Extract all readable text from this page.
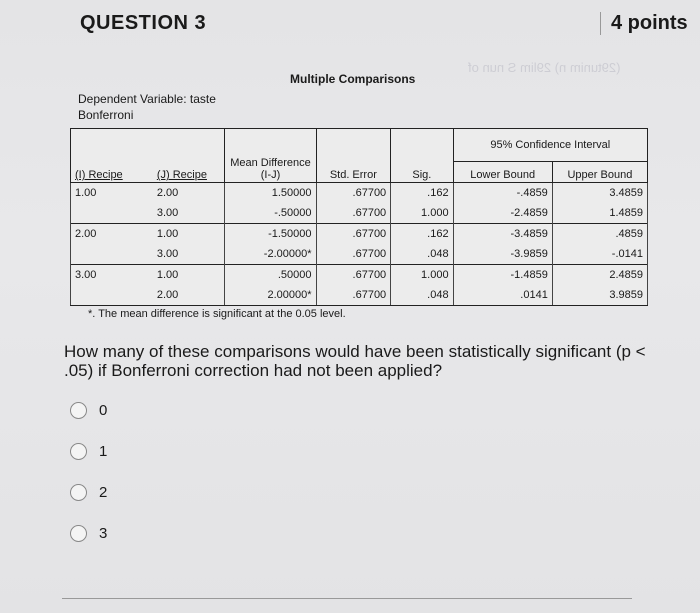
(29tunim n) 29lim S nun of
QUESTION 3	4 points
Multiple Comparisons
Dependent Variable: taste
Bonferroni
(I) Recipe	(J) Recipe	Mean Difference (I-J)	Std. Error	Sig.	95% Confidence Interval	
					Lower Bound	Upper Bound
1.00	2.00	1.50000	.67700	.162	-.4859	3.4859
	3.00	-.50000	.67700	1.000	-2.4859	1.4859
2.00	1.00	-1.50000	.67700	.162	-3.4859	.4859
	3.00	-2.00000*	.67700	.048	-3.9859	-.0141
3.00	1.00	.50000	.67700	1.000	-1.4859	2.4859
	2.00	2.00000*	.67700	.048	.0141	3.9859
*. The mean difference is significant at the 0.05 level.
How many of these comparisons would have been statistically significant (p < .05) if Bonferroni correction had not been applied?
0
1
2
3
